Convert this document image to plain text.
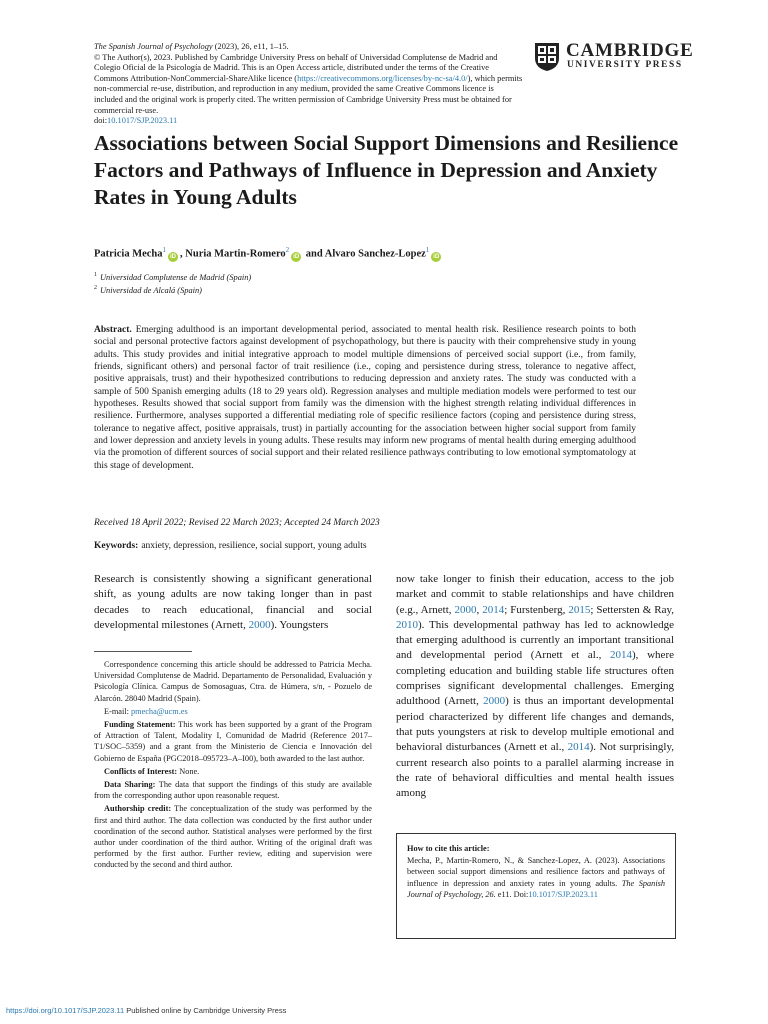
The Spanish Journal of Psychology (2023), 26, e11, 1–15.
© The Author(s), 2023. Published by Cambridge University Press on behalf of Universidad Complutense de Madrid and Colegio Oficial de la Psicología de Madrid. This is an Open Access article, distributed under the terms of the Creative Commons Attribution-NonCommercial-ShareAlike licence (https://creativecommons.org/licenses/by-nc-sa/4.0/), which permits non-commercial re-use, distribution, and reproduction in any medium, provided the same Creative Commons licence is included and the original work is properly cited. The written permission of Cambridge University Press must be obtained for commercial re-use.
doi:10.1017/SJP.2023.11
CAMBRIDGE
UNIVERSITY PRESS
Associations between Social Support Dimensions and Resilience Factors and Pathways of Influence in Depression and Anxiety Rates in Young Adults
Patricia Mecha$^1$iD , Nuria Martin-Romero$^2$iD and Alvaro Sanchez-Lopez$^1$iD
$^1$ Universidad Complutense de Madrid (Spain)
$^2$ Universidad de Alcalá (Spain)

Abstract. Emerging adulthood is an important developmental period, associated to mental health risk. Resilience research points to both social and personal protective factors against development of psychopathology, but there is paucity with their comprehensive study in young adults. This study provides and initial integrative approach to model multiple dimensions of perceived social support (i.e., from family, friends, significant others) and personal factor of trait resilience (i.e., coping and persistence during stress, tolerance to negative affect, positive appraisals, trust) and their hypothesized contributions to reducing depression and anxiety rates. The study was conducted with a sample of 500 Spanish emerging adults (18 to 29 years old). Regression analyses and multiple mediation models were performed to test our hypotheses. Results showed that social support from family was the dimension with the highest strength relating individual differences in resilience. Furthermore, analyses supported a differential mediating role of specific resilience factors (coping and persistence during stress, tolerance to negative affect, positive appraisals, trust) in partially accounting for the association between higher social support from family and lower depression and anxiety levels in young adults. These results may inform new programs of mental health during emerging adulthood via the promotion of different sources of social support and their related resilience pathways contributing to low emotional symptomatology at this stage of development.

Received 18 April 2022; Revised 22 March 2023; Accepted 24 March 2023
Keywords: anxiety, depression, resilience, social support, young adults

Research is consistently showing a significant generational shift, as young adults are now taking longer than in past decades to reach educational, financial and social developmental milestones (Arnett, 2000). Youngsters

now take longer to finish their education, access to the job market and commit to stable relationships and have children (e.g., Arnett, 2000, 2014; Furstenberg, 2015; Settersten & Ray, 2010). This developmental pathway has led to acknowledge that emerging adulthood is currently an important transitional and developmental period (Arnett et al., 2014), where completing education and building stable life structures often comprises significant developmental challenges. Emerging adulthood (Arnett, 2000) is thus an important developmental period characterized by different life changes and demands, that puts youngsters at risk to develop multiple emotional and behavioral disturbances (Arnett et al., 2014). Not surprisingly, current research also points to a parallel alarming increase in the rate of behavioral difficulties and mental health issues among

Correspondence concerning this article should be addressed to Patricia Mecha. Universidad Complutense de Madrid. Departamento de Personalidad, Evaluación y Psicología Clínica. Campus de Somosaguas, Ctra. de Húmera, s/n, - Pozuelo de Alarcón. 28040 Madrid (Spain).

E-mail: pmecha@ucm.es

Funding Statement: This work has been supported by a grant of the Program of Attraction of Talent, Modality I, Comunidad de Madrid (Reference 2017–T1/SOC–5359) and a grant from the Ministerio de Ciencia e Innovación del Gobierno de España (PGC2018–095723–A–I00), both awarded to the last author.

Conflicts of Interest: None.

Data Sharing: The data that support the findings of this study are available from the corresponding author upon reasonable request.

Authorship credit: The conceptualization of the study was performed by the first and third author. The data collection was conducted by the first author under coordination of the second author. Statistical analyses were performed by the first author under coordination of the third author. Writing of the original draft was performed by the first author. Further review, editing and supervision were conducted by the second and third author.

How to cite this article:
Mecha, P., Martin-Romero, N., & Sanchez-Lopez, A. (2023). Associations between social support dimensions and resilience factors and pathways of influence in depression and anxiety rates in young adults. The Spanish Journal of Psychology, 26. e11. Doi:10.1017/SJP.2023.11
https://doi.org/10.1017/SJP.2023.11 Published online by Cambridge University Press
